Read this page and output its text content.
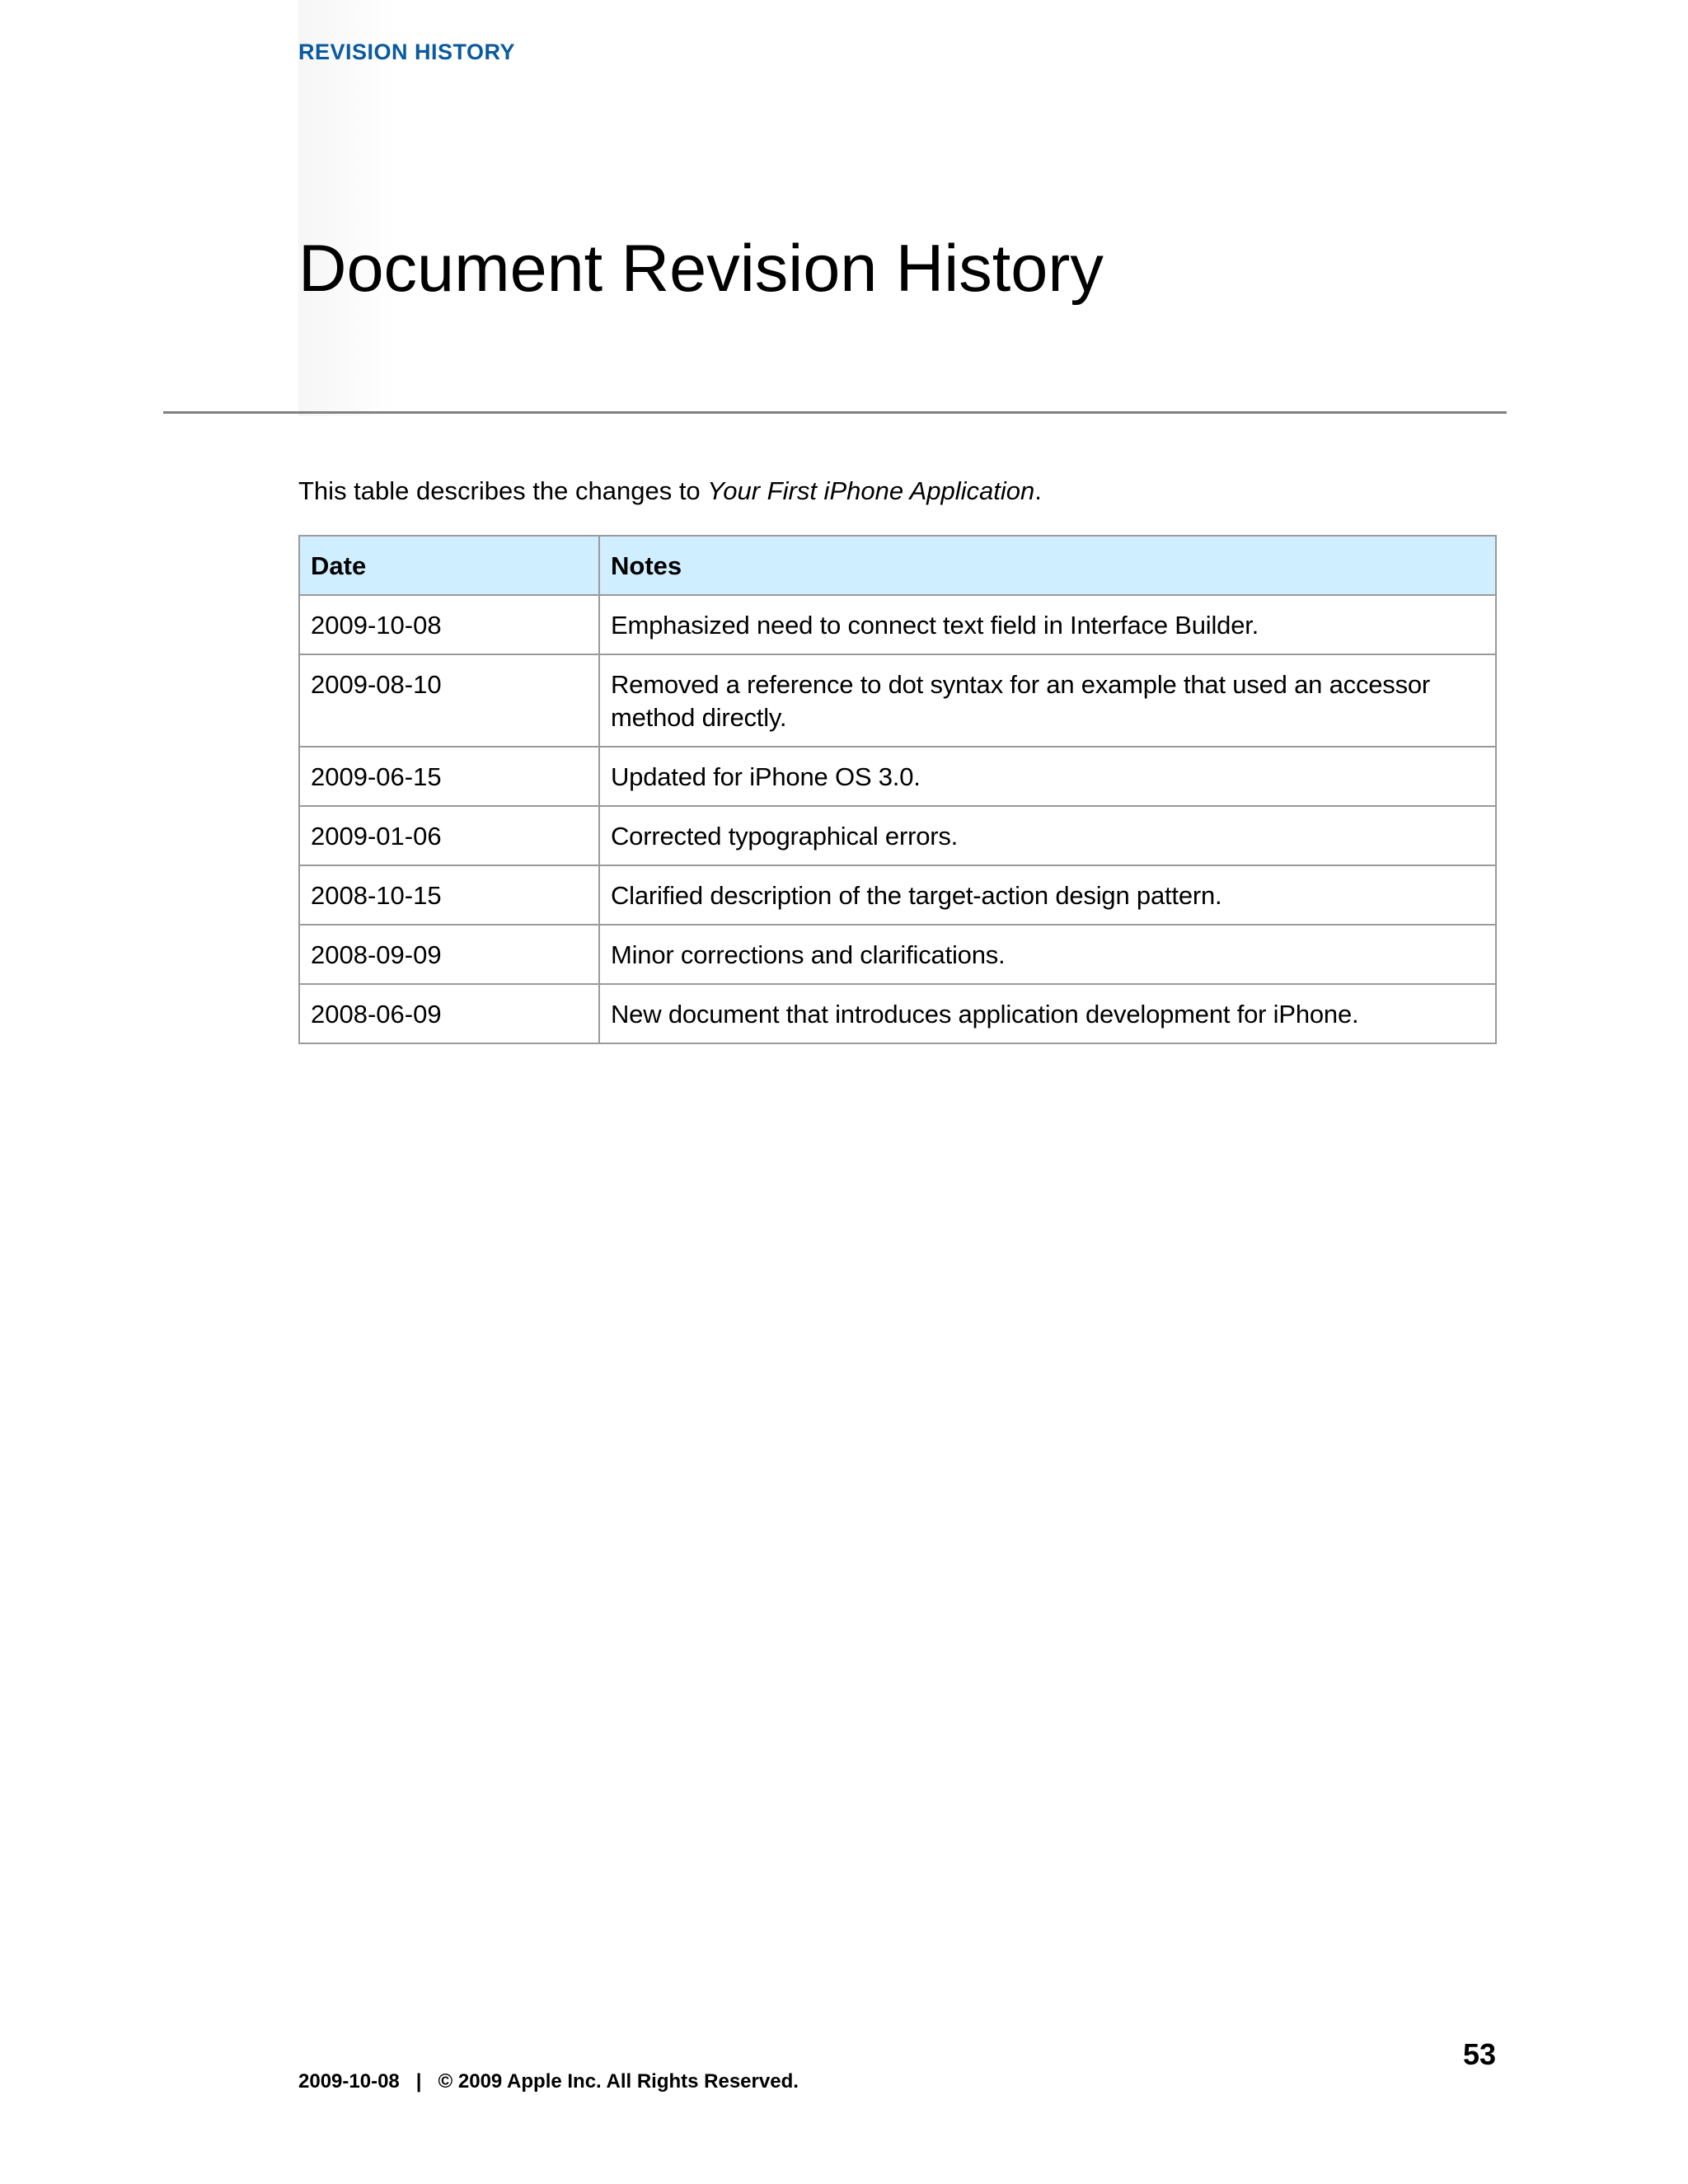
REVISION HISTORY
Document Revision History

This table describes the changes to Your First iPhone Application.

Date	Notes
2009-10-08	Emphasized need to connect text field in Interface Builder.
2009-08-10	Removed a reference to dot syntax for an example that used an accessor method directly.
2009-06-15	Updated for iPhone OS 3.0.
2009-01-06	Corrected typographical errors.
2008-10-15	Clarified description of the target-action design pattern.
2008-09-09	Minor corrections and clarifications.
2008-06-09	New document that introduces application development for iPhone.
53
2009-10-08 | © 2009 Apple Inc. All Rights Reserved.
